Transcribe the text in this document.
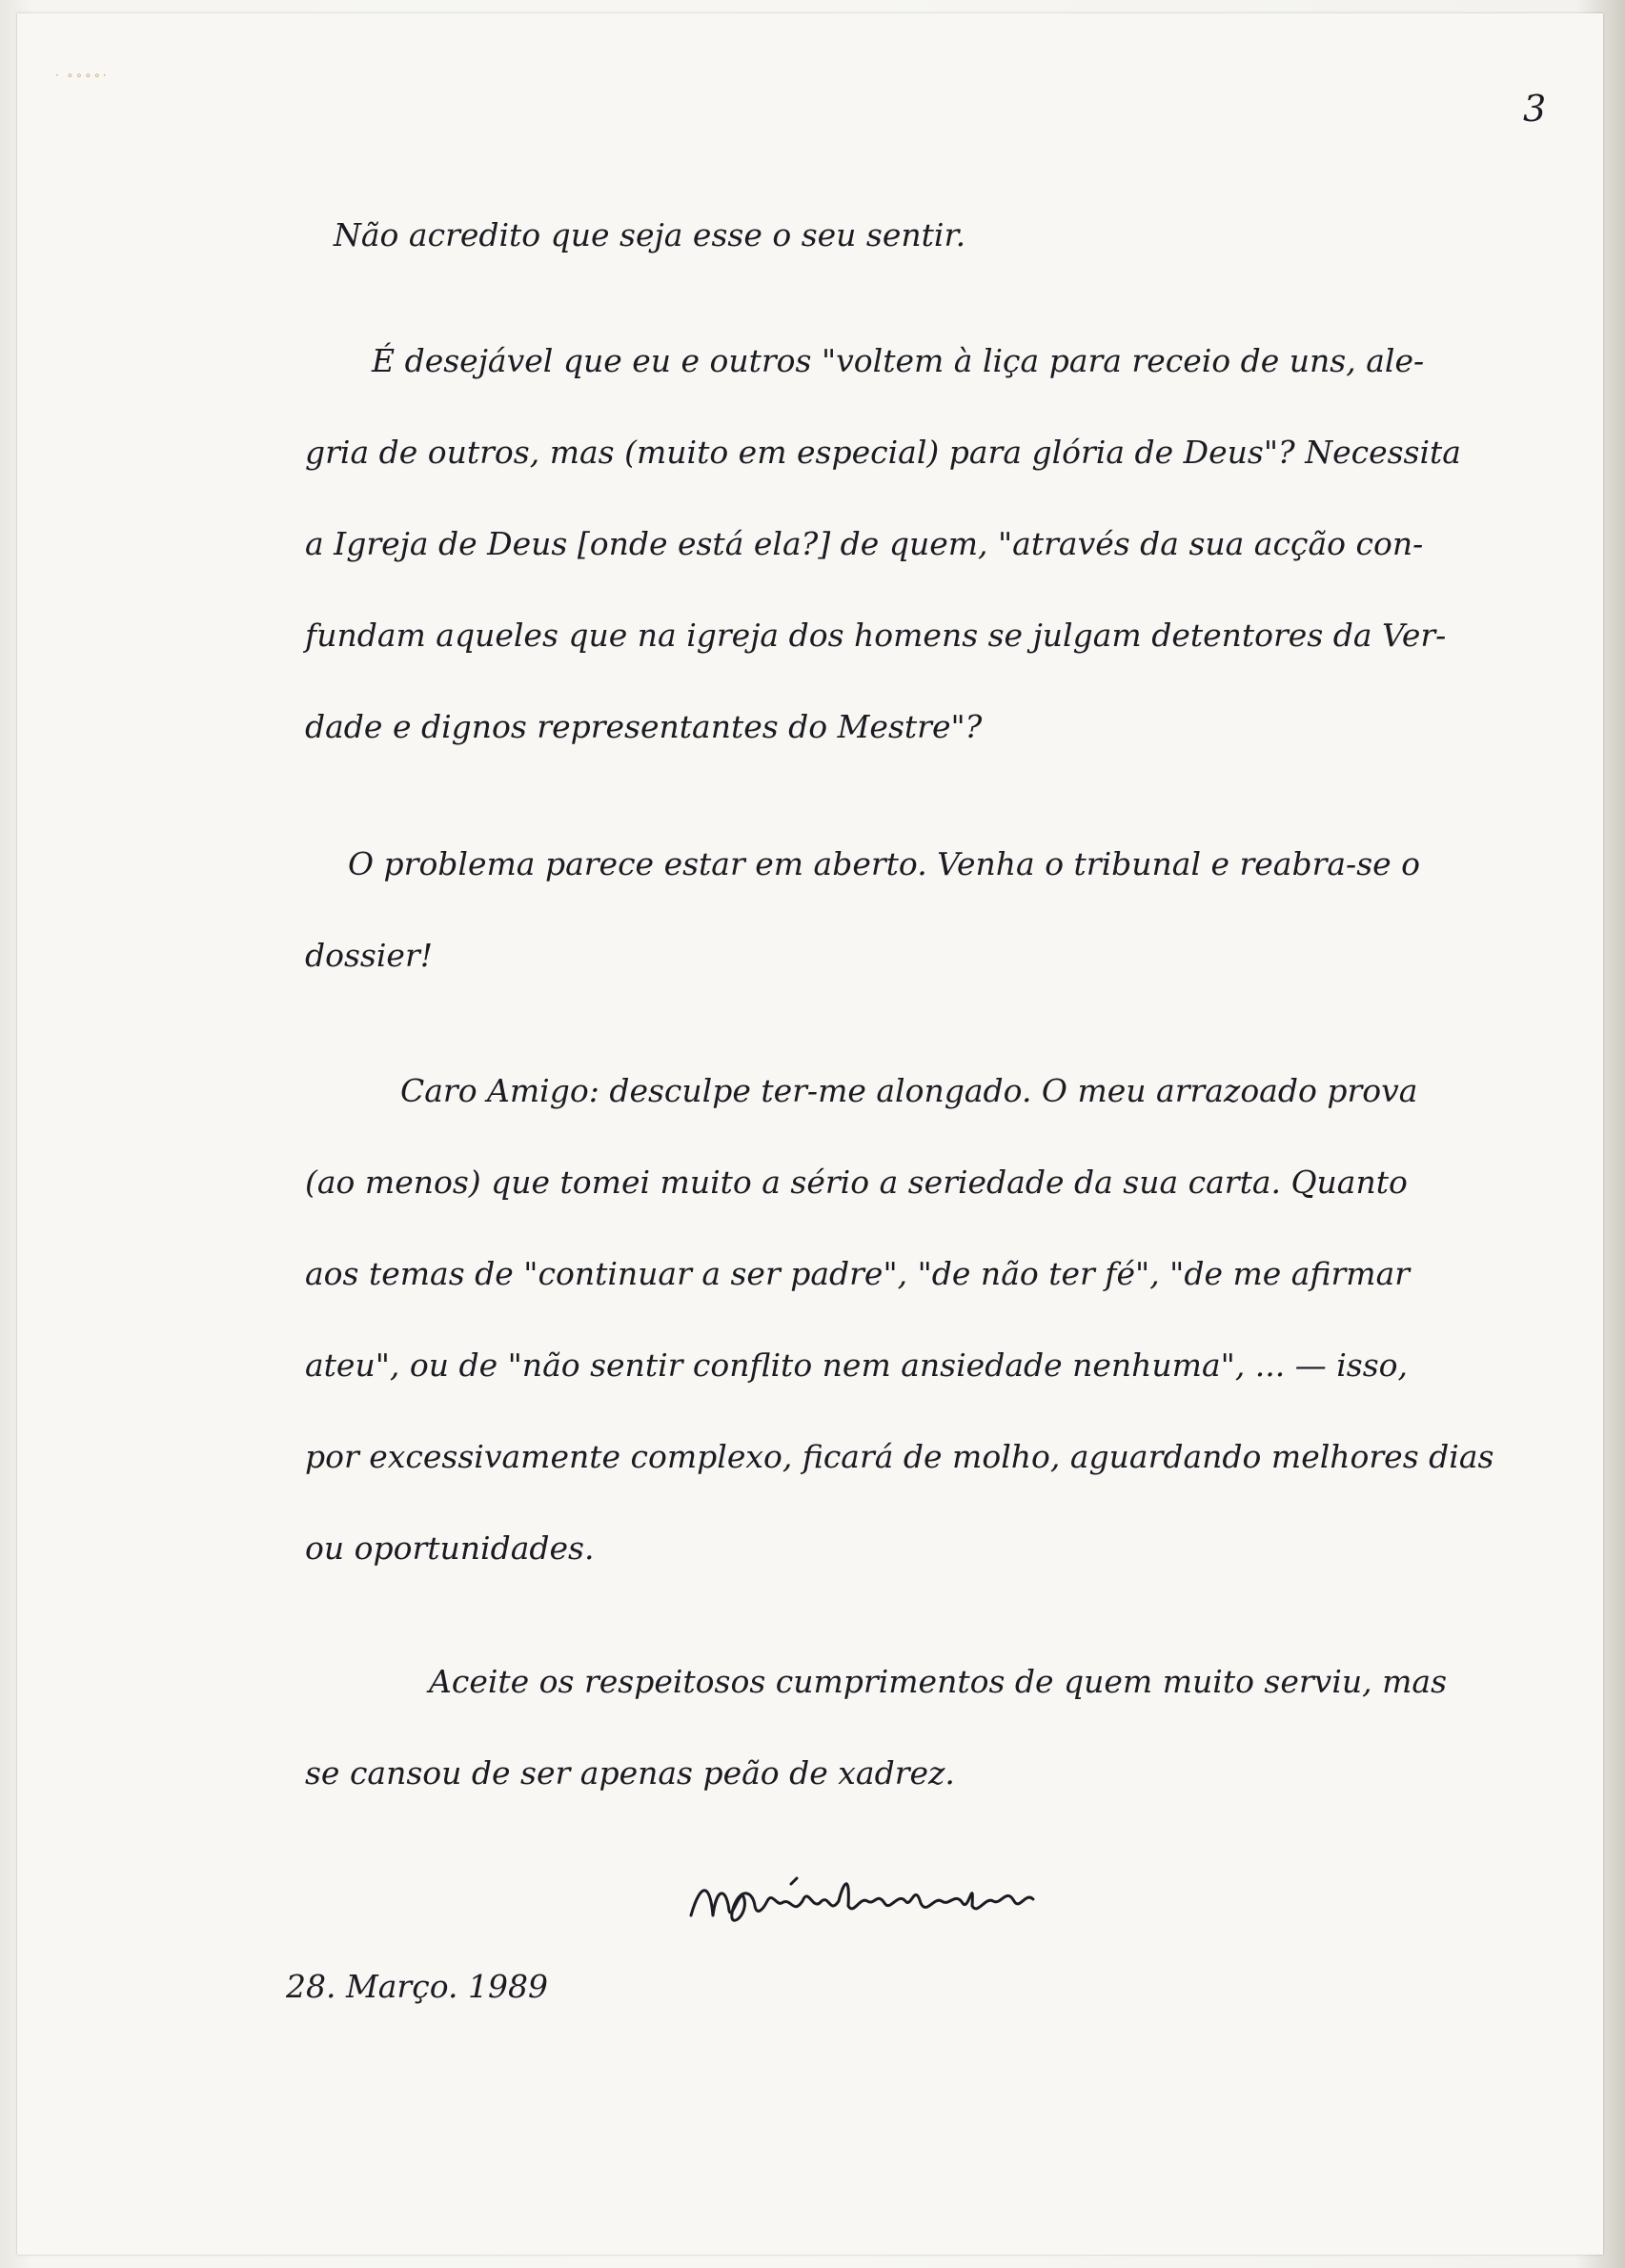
· ∘∘∘∘·
3
Não acredito que seja esse o seu sentir.
É desejável que eu e outros "voltem à liça para receio de uns, ale-
gria de outros, mas (muito em especial) para glória de Deus"? Necessita
a Igreja de Deus [onde está ela?] de quem, "através da sua acção con-
fundam aqueles que na igreja dos homens se julgam detentores da Ver-
dade e dignos representantes do Mestre"?
O problema parece estar em aberto. Venha o tribunal e reabra-se o
dossier!
Caro Amigo: desculpe ter-me alongado. O meu arrazoado prova
(ao menos) que tomei muito a sério a seriedade da sua carta. Quanto
aos temas de "continuar a ser padre", "de não ter fé", "de me afirmar
ateu", ou de "não sentir conflito nem ansiedade nenhuma", ... — isso,
por excessivamente complexo, ficará de molho, aguardando melhores dias
ou oportunidades.
Aceite os respeitosos cumprimentos de quem muito serviu, mas
se cansou de ser apenas peão de xadrez.
28. Março. 1989
